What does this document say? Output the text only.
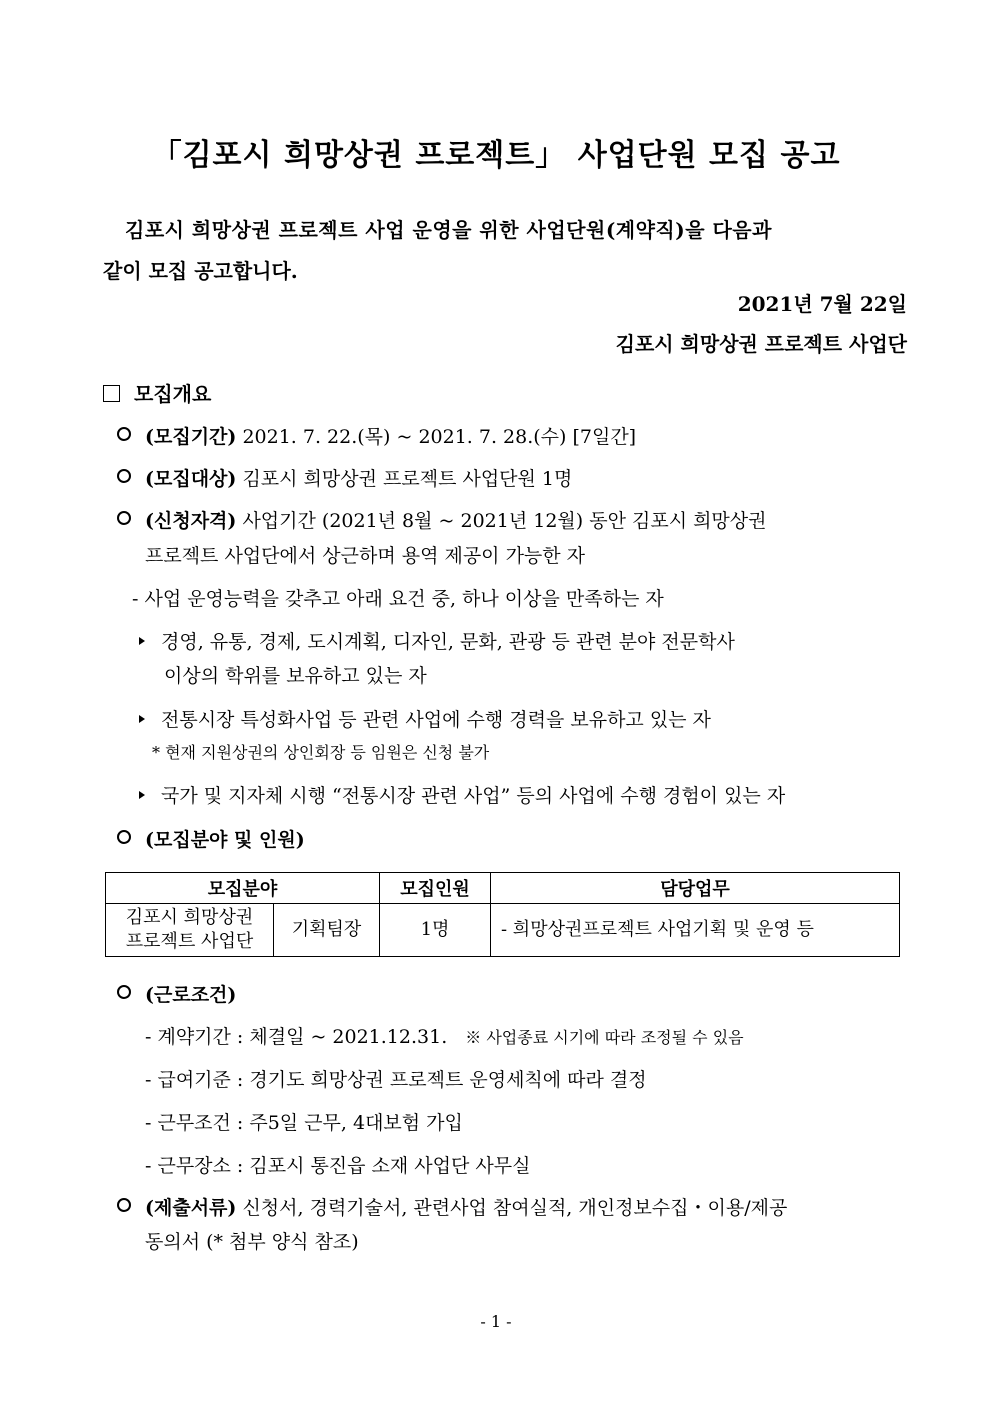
「김포시 희망상권 프로젝트」 사업단원 모집 공고
김포시 희망상권 프로젝트 사업 운영을 위한 사업단원(계약직)을 다음과
같이 모집 공고합니다.
2021년 7월 22일
김포시 희망상권 프로젝트 사업단
모집개요
(모집기간) 2021. 7. 22.(목) ~ 2021. 7. 28.(수) [7일간]
(모집대상) 김포시 희망상권 프로젝트 사업단원 1명
(신청자격) 사업기간 (2021년 8월 ~ 2021년 12월) 동안 김포시 희망상권
프로젝트 사업단에서 상근하며 용역 제공이 가능한 자
- 사업 운영능력을 갖추고 아래 요건 중, 하나 이상을 만족하는 자
경영, 유통, 경제, 도시계획, 디자인, 문화, 관광 등 관련 분야 전문학사
이상의 학위를 보유하고 있는 자
전통시장 특성화사업 등 관련 사업에 수행 경력을 보유하고 있는 자
* 현재 지원상권의 상인회장 등 임원은 신청 불가
국가 및 지자체 시행 “전통시장 관련 사업” 등의 사업에 수행 경험이 있는 자
(모집분야 및 인원)
모집분야		모집인원	담당업무
김포시 희망상권
프로젝트 사업단	기획팀장	1명	- 희망상권프로젝트 사업기획 및 운영 등
(근로조건)
- 계약기간 : 체결일 ~ 2021.12.31. ※ 사업종료 시기에 따라 조정될 수 있음
- 급여기준 : 경기도 희망상권 프로젝트 운영세칙에 따라 결정
- 근무조건 : 주5일 근무, 4대보험 가입
- 근무장소 : 김포시 통진읍 소재 사업단 사무실
(제출서류) 신청서, 경력기술서, 관련사업 참여실적, 개인정보수집・이용/제공
동의서 (* 첨부 양식 참조)
- 1 -
